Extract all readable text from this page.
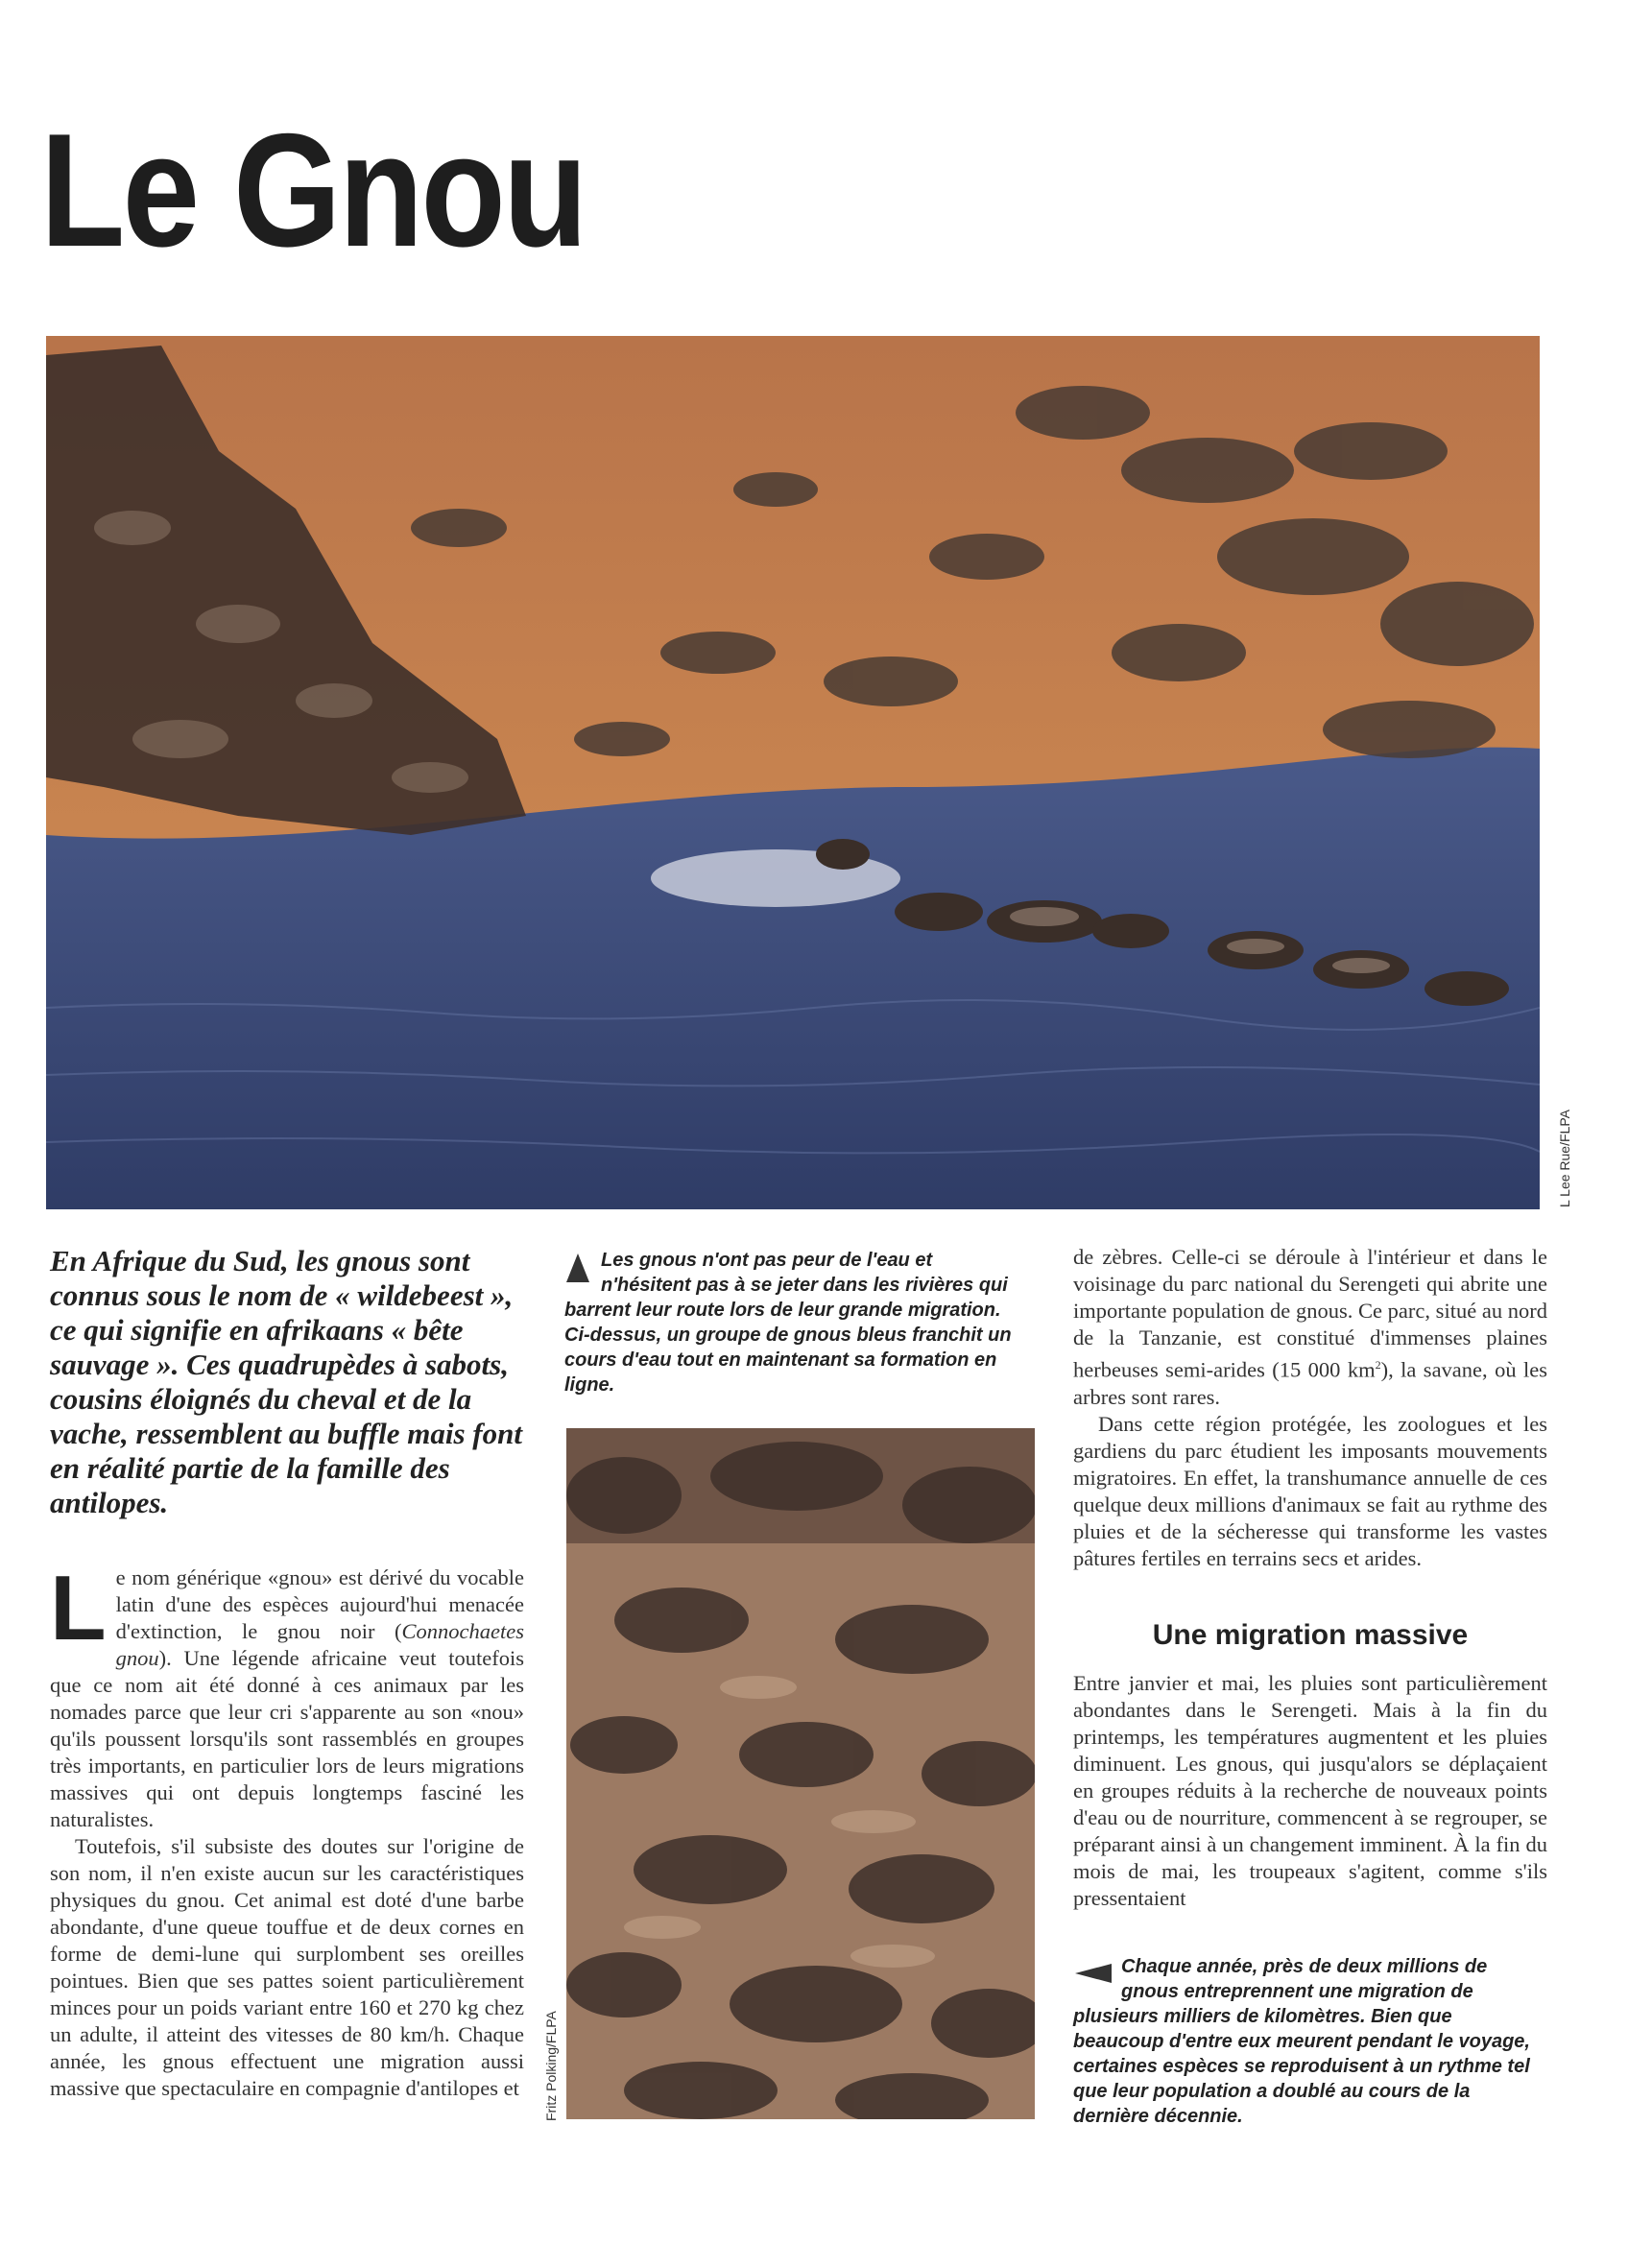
Le Gnou
L Lee Rue/FLPA

En Afrique du Sud, les gnous sont connus sous le nom de « wildebeest », ce qui signifie en afrikaans « bête sauvage ». Ces quadrupèdes à sabots, cousins éloignés du cheval et de la vache, ressemblent au buffle mais font en réalité partie de la famille des antilopes.

Le nom générique «gnou» est dérivé du vocable latin d'une des espèces aujourd'hui menacée d'extinction, le gnou noir (Connochaetes gnou). Une légende africaine veut toutefois que ce nom ait été donné à ces animaux par les nomades parce que leur cri s'apparente au son «nou» qu'ils poussent lorsqu'ils sont rassemblés en groupes très importants, en particulier lors de leurs migrations massives qui ont depuis longtemps fasciné les naturalistes.

Toutefois, s'il subsiste des doutes sur l'origine de son nom, il n'en existe aucun sur les caractéristiques physiques du gnou. Cet animal est doté d'une barbe abondante, d'une queue touffue et de deux cornes en forme de demi-lune qui surplombent ses oreilles pointues. Bien que ses pattes soient particulièrement minces pour un poids variant entre 160 et 270 kg chez un adulte, il atteint des vitesses de 80 km/h. Chaque année, les gnous effectuent une migration aussi massive que spectaculaire en compagnie d'antilopes et

Les gnous n'ont pas peur de l'eau et n'hésitent pas à se jeter dans les rivières qui barrent leur route lors de leur grande migration. Ci-dessus, un groupe de gnous bleus franchit un cours d'eau tout en maintenant sa formation en ligne.
Fritz Polking/FLPA

de zèbres. Celle-ci se déroule à l'intérieur et dans le voisinage du parc national du Serengeti qui abrite une importante population de gnous. Ce parc, situé au nord de la Tanzanie, est constitué d'immenses plaines herbeuses semi-arides (15 000 $km^2$), la savane, où les arbres sont rares.

Dans cette région protégée, les zoologues et les gardiens du parc étudient les imposants mouvements migratoires. En effet, la transhumance annuelle de ces quelque deux millions d'animaux se fait au rythme des pluies et de la sécheresse qui transforme les vastes pâtures fertiles en terrains secs et arides.

Une migration massive

Entre janvier et mai, les pluies sont particulièrement abondantes dans le Serengeti. Mais à la fin du printemps, les températures augmentent et les pluies diminuent. Les gnous, qui jusqu'alors se déplaçaient en groupes réduits à la recherche de nouveaux points d'eau ou de nourriture, commencent à se regrouper, se préparant ainsi à un changement imminent. À la fin du mois de mai, les troupeaux s'agitent, comme s'ils pressentaient

Chaque année, près de deux millions de gnous entreprennent une migration de plusieurs milliers de kilomètres. Bien que beaucoup d'entre eux meurent pendant le voyage, certaines espèces se reproduisent à un rythme tel que leur population a doublé au cours de la dernière décennie.
